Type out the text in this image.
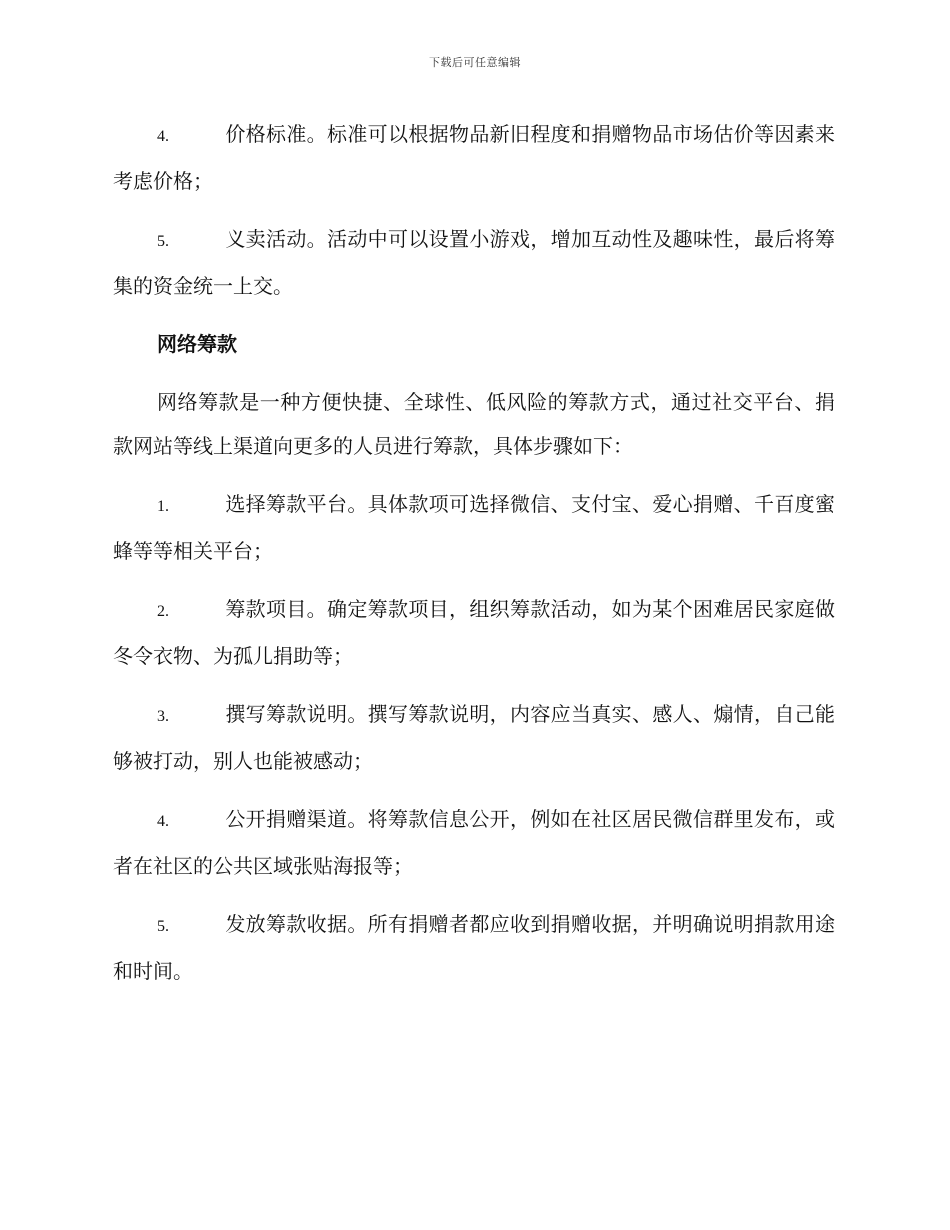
下载后可任意编辑

4.	价格标准。标准可以根据物品新旧程度和捐赠物品市场估价等因素来考虑价格；

5.	义卖活动。活动中可以设置小游戏，增加互动性及趣味性，最后将筹集的资金统一上交。

网络筹款

网络筹款是一种方便快捷、全球性、低风险的筹款方式，通过社交平台、捐款网站等线上渠道向更多的人员进行筹款，具体步骤如下：

1.	选择筹款平台。具体款项可选择微信、支付宝、爱心捐赠、千百度蜜蜂等等相关平台；

2.	筹款项目。确定筹款项目，组织筹款活动，如为某个困难居民家庭做冬令衣物、为孤儿捐助等；

3.	撰写筹款说明。撰写筹款说明，内容应当真实、感人、煽情，自己能够被打动，别人也能被感动；

4.	公开捐赠渠道。将筹款信息公开，例如在社区居民微信群里发布，或者在社区的公共区域张贴海报等；

5.	发放筹款收据。所有捐赠者都应收到捐赠收据，并明确说明捐款用途和时间。
